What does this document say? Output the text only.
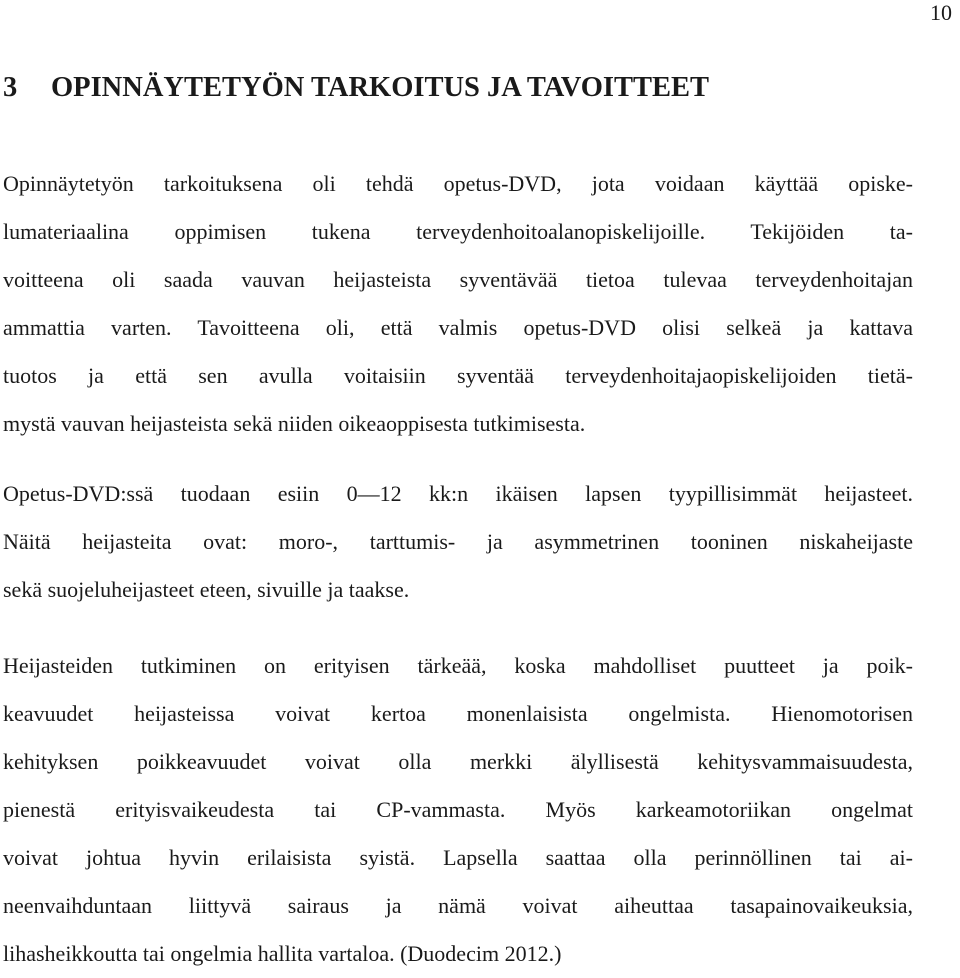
10
3 OPINNÄYTETYÖN TARKOITUS JA TAVOITTEET

Opinnäytetyön tarkoituksena oli tehdä opetus-DVD, jota voidaan käyttää opiske-
lumateriaalina oppimisen tukena terveydenhoitoalanopiskelijoille. Tekijöiden ta-
voitteena oli saada vauvan heijasteista syventävää tietoa tulevaa terveydenhoitajan
ammattia varten. Tavoitteena oli, että valmis opetus-DVD olisi selkeä ja kattava
tuotos ja että sen avulla voitaisiin syventää terveydenhoitajaopiskelijoiden tietä-
mystä vauvan heijasteista sekä niiden oikeaoppisesta tutkimisesta.

Opetus-DVD:ssä tuodaan esiin 0—12 kk:n ikäisen lapsen tyypillisimmät heijasteet.
Näitä heijasteita ovat: moro-, tarttumis- ja asymmetrinen tooninen niskaheijaste
sekä suojeluheijasteet eteen, sivuille ja taakse.

Heijasteiden tutkiminen on erityisen tärkeää, koska mahdolliset puutteet ja poik-
keavuudet heijasteissa voivat kertoa monenlaisista ongelmista. Hienomotorisen
kehityksen poikkeavuudet voivat olla merkki älyllisestä kehitysvammaisuudesta,
pienestä erityisvaikeudesta tai CP-vammasta. Myös karkeamotoriikan ongelmat
voivat johtua hyvin erilaisista syistä. Lapsella saattaa olla perinnöllinen tai ai-
neenvaihduntaan liittyvä sairaus ja nämä voivat aiheuttaa tasapainovaikeuksia,
lihasheikkoutta tai ongelmia hallita vartaloa. (Duodecim 2012.)
